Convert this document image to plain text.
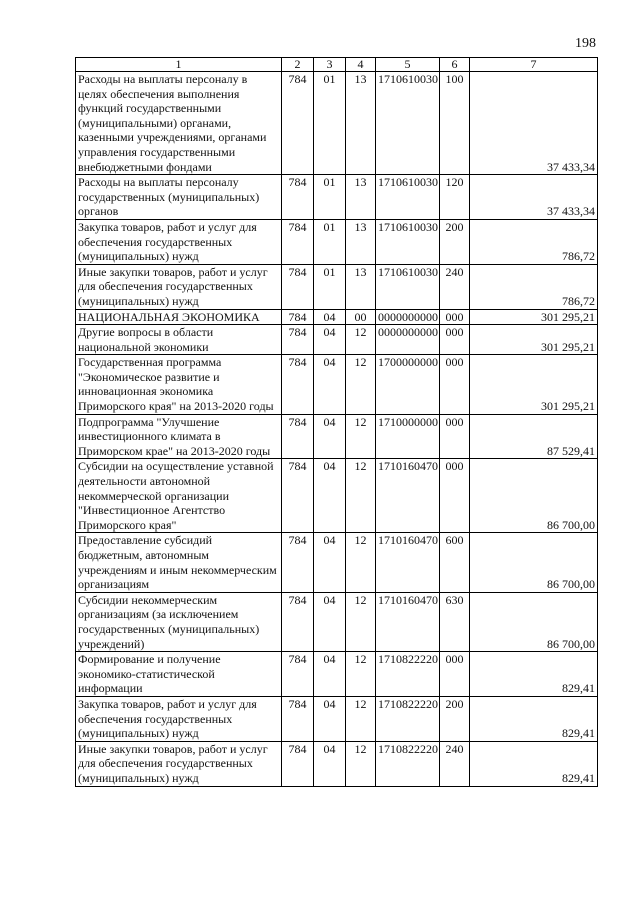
198
1	2	3	4	5	6	7
Расходы на выплаты персоналу в целях обеспечения выполнения функций государственными (муниципальными) органами, казенными учреждениями, органами управления государственными внебюджетными фондами	784	01	13	1710610030	100	37 433,34
Расходы на выплаты персоналу государственных (муниципальных) органов	784	01	13	1710610030	120	37 433,34
Закупка товаров, работ и услуг для обеспечения государственных (муниципальных) нужд	784	01	13	1710610030	200	786,72
Иные закупки товаров, работ и услуг для обеспечения государственных (муниципальных) нужд	784	01	13	1710610030	240	786,72
НАЦИОНАЛЬНАЯ ЭКОНОМИКА	784	04	00	0000000000	000	301 295,21
Другие вопросы в области национальной экономики	784	04	12	0000000000	000	301 295,21
Государственная программа "Экономическое развитие и инновационная экономика Приморского края" на 2013-2020 годы	784	04	12	1700000000	000	301 295,21
Подпрограмма "Улучшение инвестиционного климата в Приморском крае" на 2013-2020 годы	784	04	12	1710000000	000	87 529,41
Субсидии на осуществление уставной деятельности автономной некоммерческой организации "Инвестиционное Агентство Приморского края"	784	04	12	1710160470	000	86 700,00
Предоставление субсидий бюджетным, автономным учреждениям и иным некоммерческим организациям	784	04	12	1710160470	600	86 700,00
Субсидии некоммерческим организациям (за исключением государственных (муниципальных) учреждений)	784	04	12	1710160470	630	86 700,00
Формирование и получение экономико-статистической информации	784	04	12	1710822220	000	829,41
Закупка товаров, работ и услуг для обеспечения государственных (муниципальных) нужд	784	04	12	1710822220	200	829,41
Иные закупки товаров, работ и услуг для обеспечения государственных (муниципальных) нужд	784	04	12	1710822220	240	829,41
